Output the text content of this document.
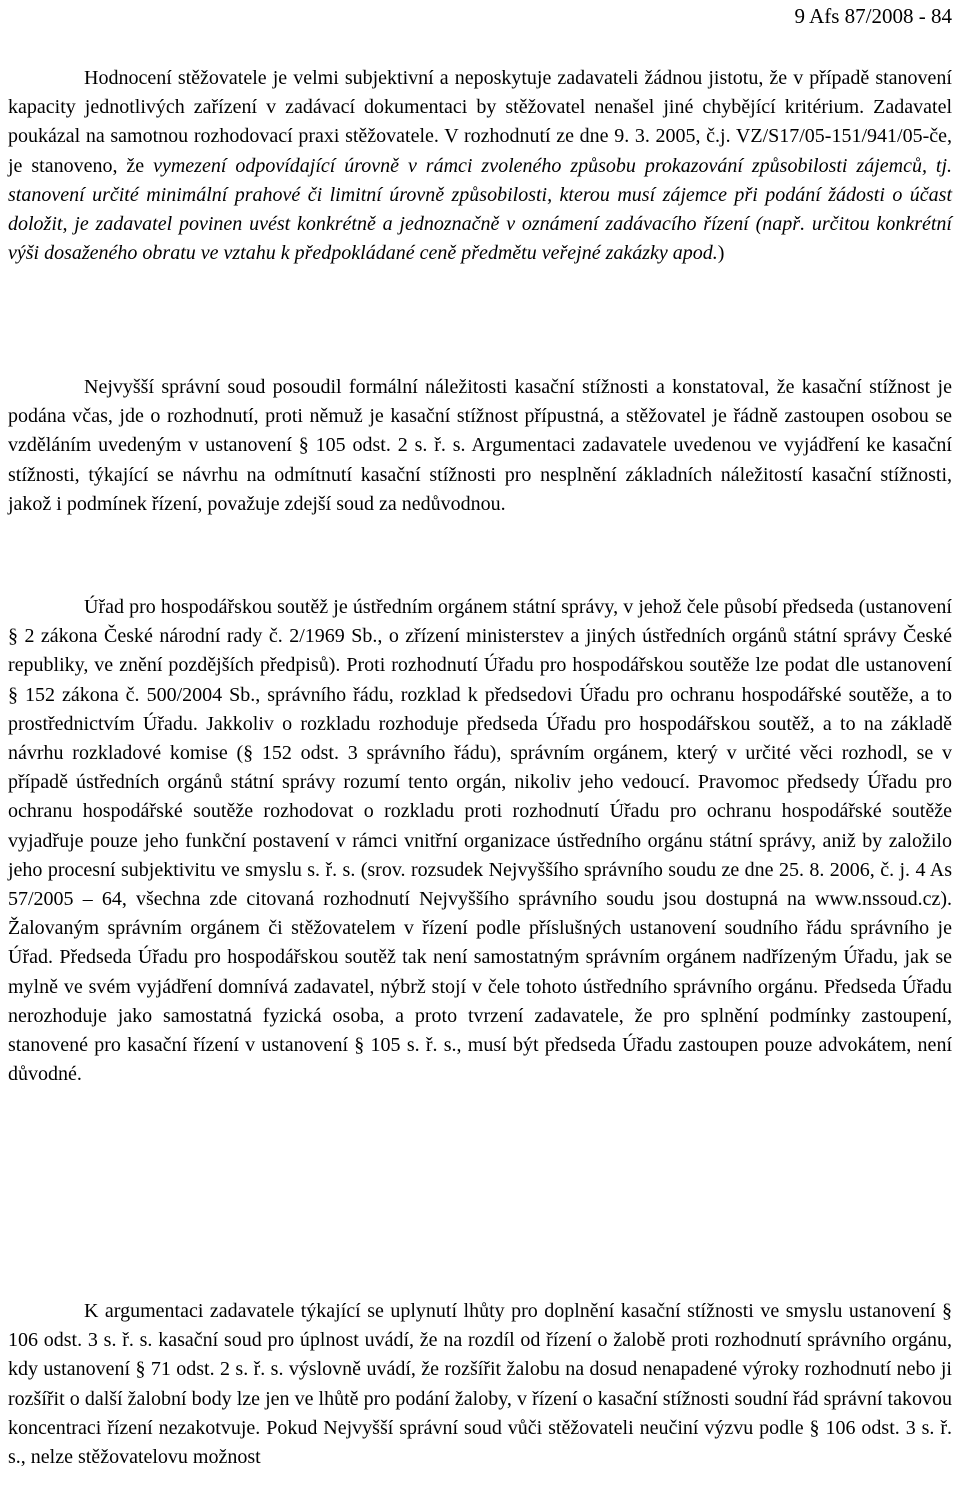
9 Afs 87/2008 - 84

Hodnocení stěžovatele je velmi subjektivní a neposkytuje zadavateli žádnou jistotu, že v případě stanovení kapacity jednotlivých zařízení v zadávací dokumentaci by stěžovatel nenašel jiné chybějící kritérium. Zadavatel poukázal na samotnou rozhodovací praxi stěžovatele. V rozhodnutí ze dne 9. 3. 2005, č.j. VZ/S17/05-151/941/05-če, je stanoveno, že vymezení odpovídající úrovně v rámci zvoleného způsobu prokazování způsobilosti zájemců, tj. stanovení určité minimální prahové či limitní úrovně způsobilosti, kterou musí zájemce při podání žádosti o účast doložit, je zadavatel povinen uvést konkrétně a jednoznačně v oznámení zadávacího řízení (např. určitou konkrétní výši dosaženého obratu ve vztahu k předpokládané ceně předmětu veřejné zakázky apod.)

Nejvyšší správní soud posoudil formální náležitosti kasační stížnosti a konstatoval, že kasační stížnost je podána včas, jde o rozhodnutí, proti němuž je kasační stížnost přípustná, a stěžovatel je řádně zastoupen osobou se vzděláním uvedeným v ustanovení § 105 odst. 2 s. ř. s. Argumentaci zadavatele uvedenou ve vyjádření ke kasační stížnosti, týkající se návrhu na odmítnutí kasační stížnosti pro nesplnění základních náležitostí kasační stížnosti, jakož i podmínek řízení, považuje zdejší soud za nedůvodnou.

Úřad pro hospodářskou soutěž je ústředním orgánem státní správy, v jehož čele působí předseda (ustanovení § 2 zákona České národní rady č. 2/1969 Sb., o zřízení ministerstev a jiných ústředních orgánů státní správy České republiky, ve znění pozdějších předpisů). Proti rozhodnutí Úřadu pro hospodářskou soutěže lze podat dle ustanovení § 152 zákona č. 500/2004 Sb., správního řádu, rozklad k předsedovi Úřadu pro ochranu hospodářské soutěže, a to prostřednictvím Úřadu. Jakkoliv o rozkladu rozhoduje předseda Úřadu pro hospodářskou soutěž, a to na základě návrhu rozkladové komise (§ 152 odst. 3 správního řádu), správním orgánem, který v určité věci rozhodl, se v případě ústředních orgánů státní správy rozumí tento orgán, nikoliv jeho vedoucí. Pravomoc předsedy Úřadu pro ochranu hospodářské soutěže rozhodovat o rozkladu proti rozhodnutí Úřadu pro ochranu hospodářské soutěže vyjadřuje pouze jeho funkční postavení v rámci vnitřní organizace ústředního orgánu státní správy, aniž by založilo jeho procesní subjektivitu ve smyslu s. ř. s. (srov. rozsudek Nejvyššího správního soudu ze dne 25. 8. 2006, č. j. 4 As 57/2005 – 64, všechna zde citovaná rozhodnutí Nejvyššího správního soudu jsou dostupná na www.nssoud.cz). Žalovaným správním orgánem či stěžovatelem v řízení podle příslušných ustanovení soudního řádu správního je Úřad. Předseda Úřadu pro hospodářskou soutěž tak není samostatným správním orgánem nadřízeným Úřadu, jak se mylně ve svém vyjádření domnívá zadavatel, nýbrž stojí v čele tohoto ústředního správního orgánu. Předseda Úřadu nerozhoduje jako samostatná fyzická osoba, a proto tvrzení zadavatele, že pro splnění podmínky zastoupení, stanovené pro kasační řízení v ustanovení § 105 s. ř. s., musí být předseda Úřadu zastoupen pouze advokátem, není důvodné.

K argumentaci zadavatele týkající se uplynutí lhůty pro doplnění kasační stížnosti ve smyslu ustanovení § 106 odst. 3 s. ř. s. kasační soud pro úplnost uvádí, že na rozdíl od řízení o žalobě proti rozhodnutí správního orgánu, kdy ustanovení § 71 odst. 2 s. ř. s. výslovně uvádí, že rozšířit žalobu na dosud nenapadené výroky rozhodnutí nebo ji rozšířit o další žalobní body lze jen ve lhůtě pro podání žaloby, v řízení o kasační stížnosti soudní řád správní takovou koncentraci řízení nezakotvuje. Pokud Nejvyšší správní soud vůči stěžovateli neučiní výzvu podle § 106 odst. 3 s. ř. s., nelze stěžovatelovu možnost
